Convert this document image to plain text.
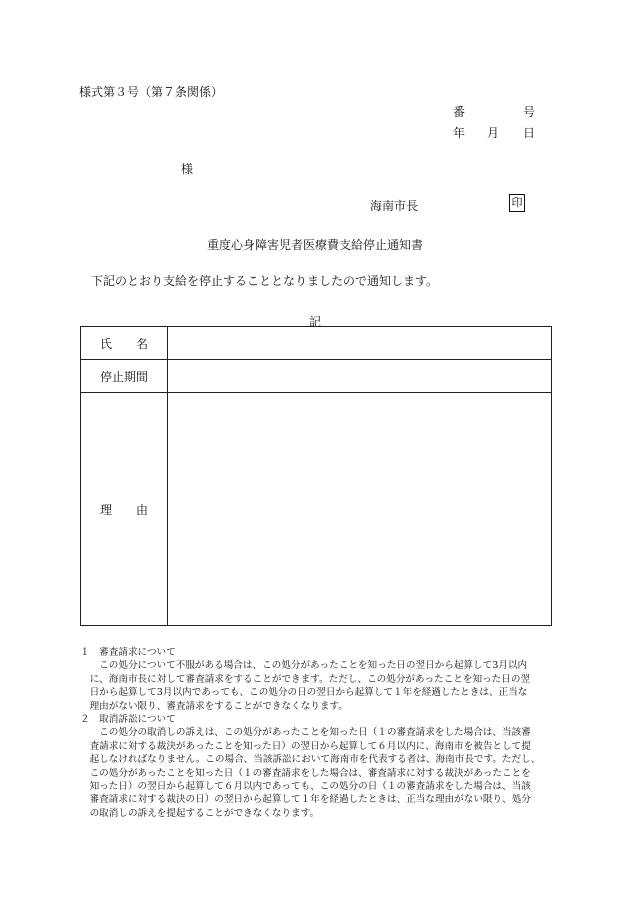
様式第３号（第７条関係）
番	号
年 月 日
様
海南市長	印
重度心身障害児者医療費支給停止通知書
下記のとおり支給を停止することとなりましたので通知します。
記
氏　　名	
停止期間	
理　　由	
１　審査請求について
　　この処分について不服がある場合は、この処分があったことを知った日の翌日から起算して3月以内
　に、海南市長に対して審査請求をすることができます。ただし、この処分があったことを知った日の翌
　日から起算して3月以内であっても、この処分の日の翌日から起算して１年を経過したときは、正当な
　理由がない限り、審査請求をすることができなくなります。
２　取消訴訟について
　　この処分の取消しの訴えは、この処分があったことを知った日（１の審査請求をした場合は、当該審
　査請求に対する裁決があったことを知った日）の翌日から起算して６月以内に、海南市を被告として提
　起しなければなりません。この場合、当該訴訟において海南市を代表する者は、海南市長です。ただし、
　この処分があったことを知った日（１の審査請求をした場合は、審査請求に対する裁決があったことを
　知った日）の翌日から起算して６月以内であっても、この処分の日（１の審査請求をした場合は、当該
　審査請求に対する裁決の日）の翌日から起算して１年を経過したときは、正当な理由がない限り、処分
　の取消しの訴えを提起することができなくなります。
